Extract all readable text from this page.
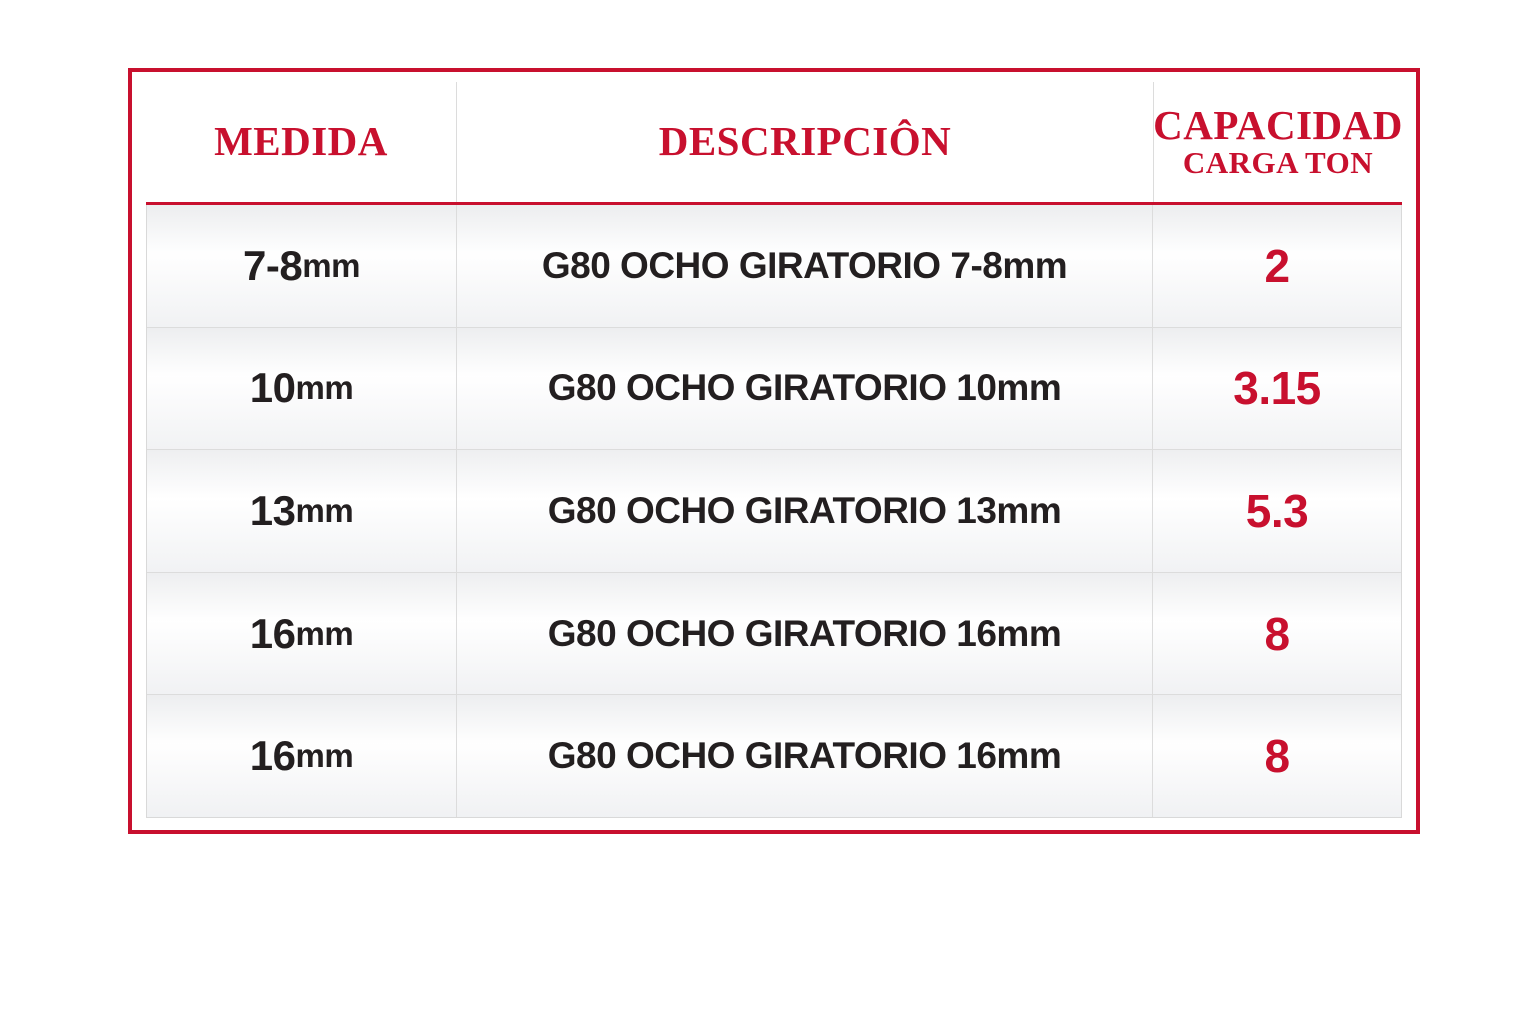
MEDIDA	DESCRIPCIÔN	CAPACIDAD
CARGA TON
7-8 mm	G80 OCHO GIRATORIO 7-8mm	2
10 mm	G80 OCHO GIRATORIO 10mm	3.15
13 mm	G80 OCHO GIRATORIO 13mm	5.3
16 mm	G80 OCHO GIRATORIO 16mm	8
16 mm	G80 OCHO GIRATORIO 16mm	8
